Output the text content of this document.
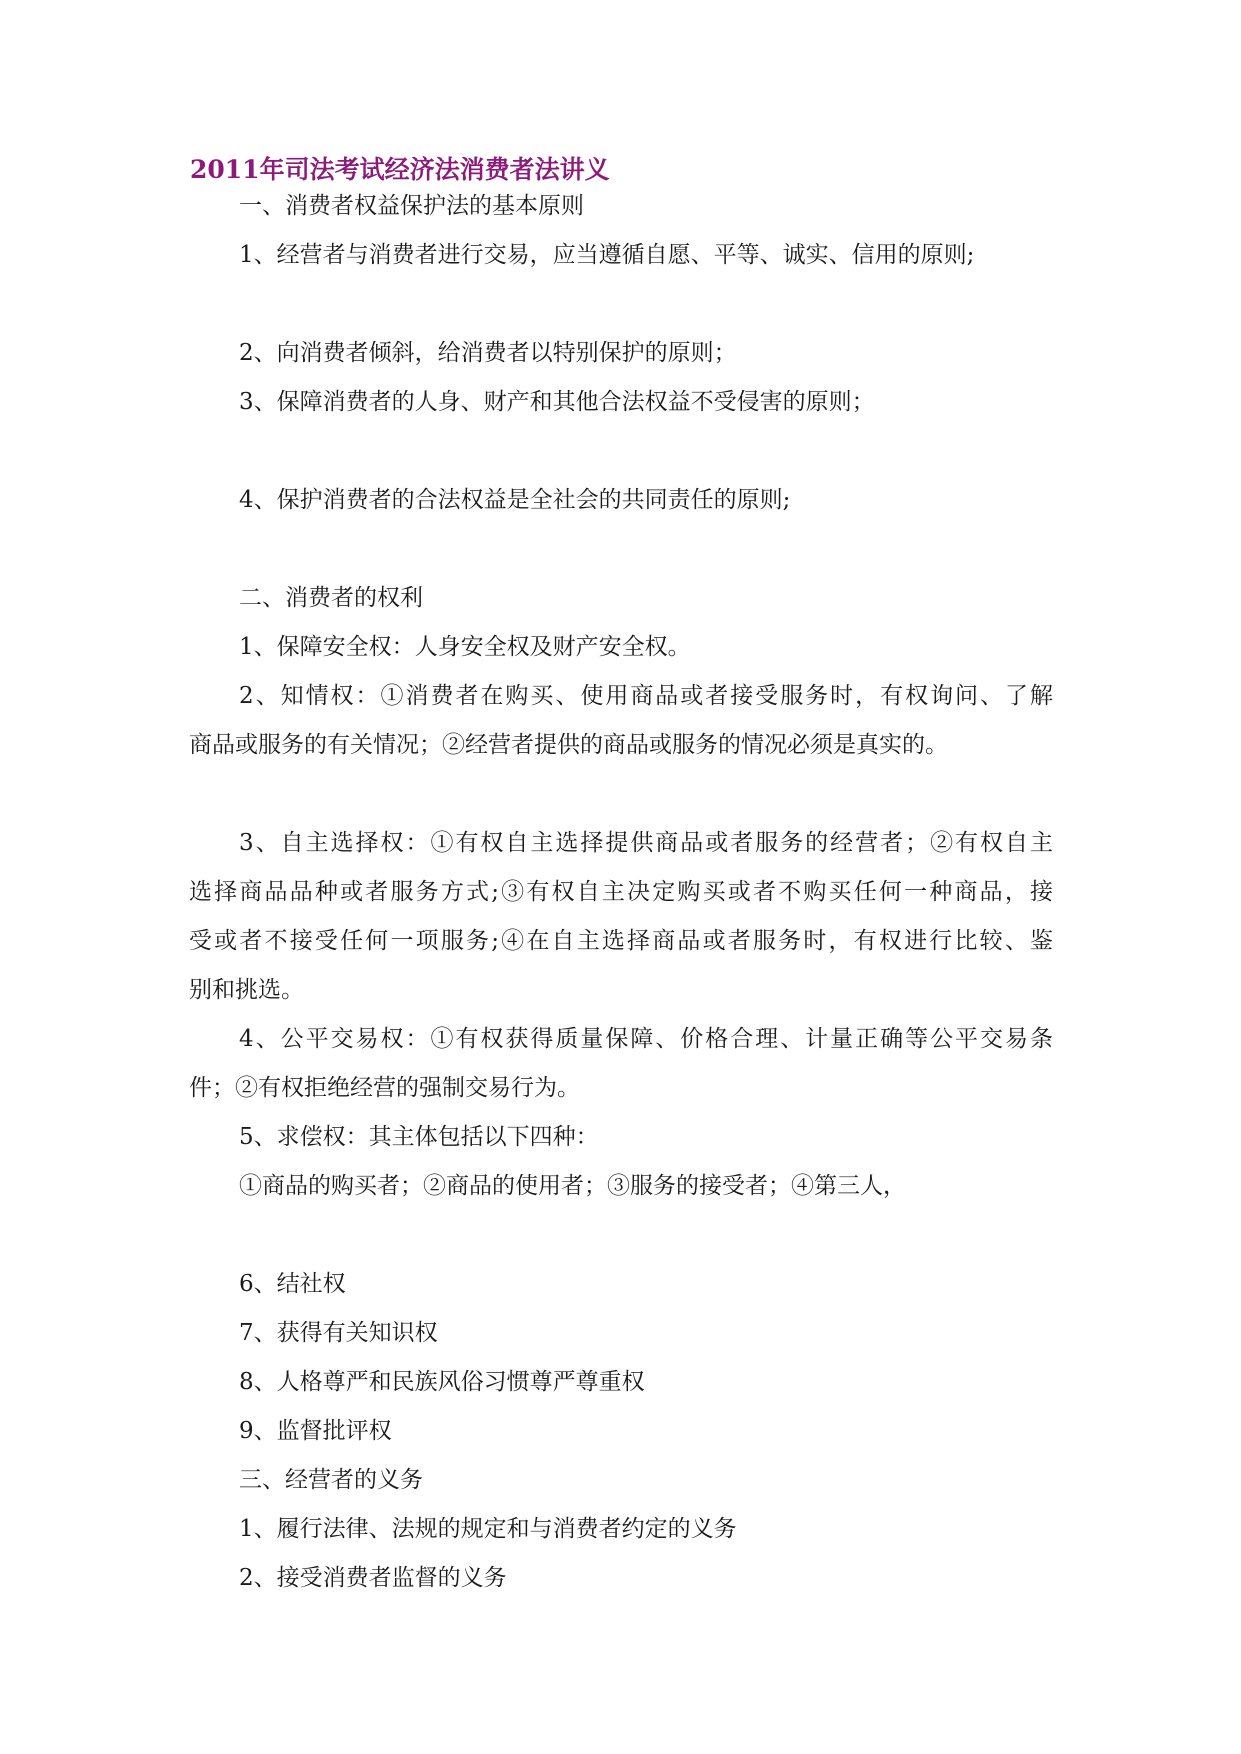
2011年司法考试经济法消费者法讲义
一、消费者权益保护法的基本原则
1、经营者与消费者进行交易，应当遵循自愿、平等、诚实、信用的原则;
2、向消费者倾斜，给消费者以特别保护的原则；
3、保障消费者的人身、财产和其他合法权益不受侵害的原则；
4、保护消费者的合法权益是全社会的共同责任的原则;
二、消费者的权利
1、保障安全权：人身安全权及财产安全权。
2、知情权：①消费者在购买、使用商品或者接受服务时，有权询问、了解
商品或服务的有关情况；②经营者提供的商品或服务的情况必须是真实的。
3、自主选择权：①有权自主选择提供商品或者服务的经营者；②有权自主
选择商品品种或者服务方式;③有权自主决定购买或者不购买任何一种商品，接
受或者不接受任何一项服务;④在自主选择商品或者服务时，有权进行比较、鉴
别和挑选。
4、公平交易权：①有权获得质量保障、价格合理、计量正确等公平交易条
件；②有权拒绝经营的强制交易行为。
5、求偿权：其主体包括以下四种：
①商品的购买者；②商品的使用者；③服务的接受者；④第三人，
6、结社权
7、获得有关知识权
8、人格尊严和民族风俗习惯尊严尊重权
9、监督批评权
三、经营者的义务
1、履行法律、法规的规定和与消费者约定的义务
2、接受消费者监督的义务
